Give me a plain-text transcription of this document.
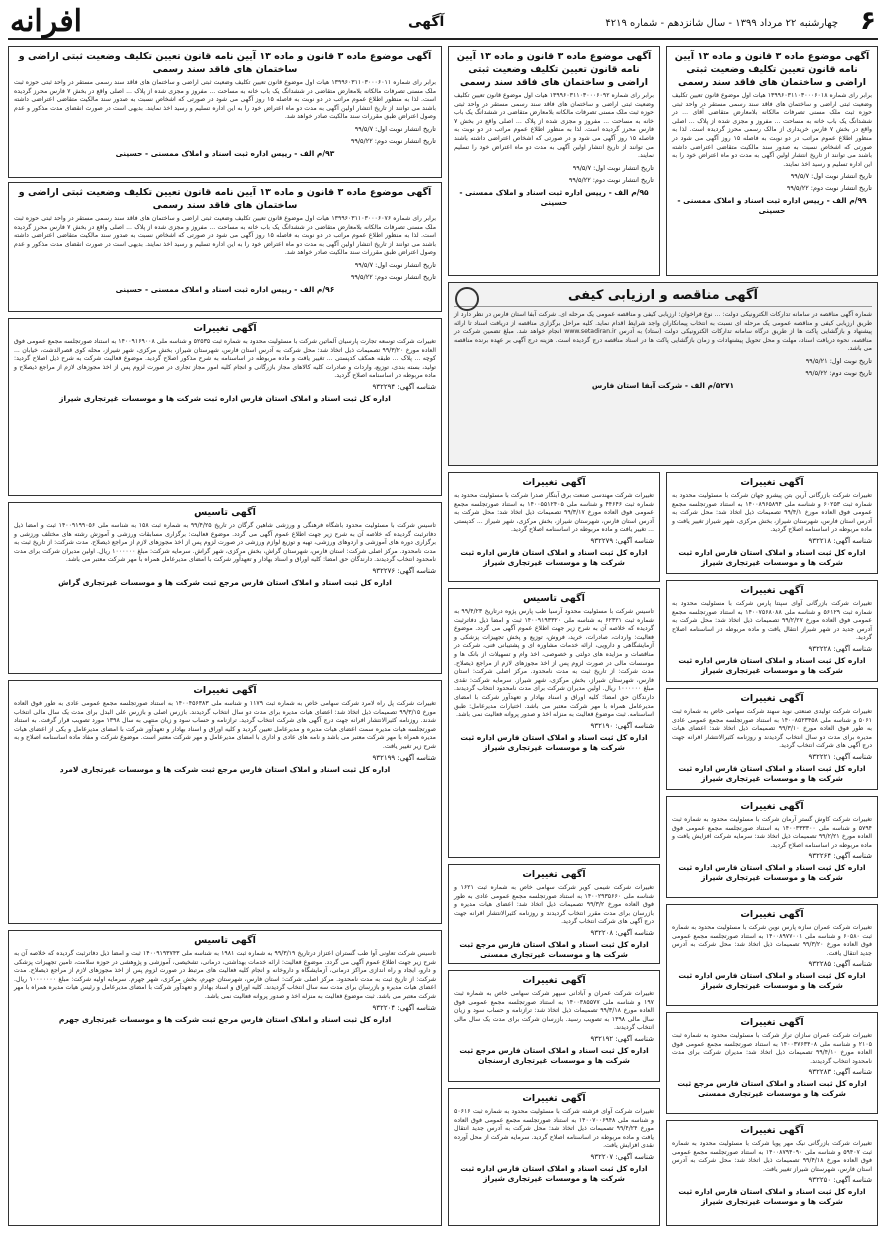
۶
چهارشنبه ۲۲ مرداد ۱۳۹۹ - سال شانزدهم - شماره ۴۲۱۹
آگهی
افرانه
آگهی موضوع ماده ۳ قانون و ماده ۱۳ آیین نامه قانون تعیین تکلیف وضعیت ثبتی اراضی و ساختمان های فاقد سند رسمی

برابر رای شماره ۱۳۹۹۶۰۳۱۱۰۳۰۰۰۶۰۱۸ هیات اول موضوع قانون تعیین تکلیف وضعیت ثبتی اراضی و ساختمان های فاقد سند رسمی مستقر در واحد ثبتی حوزه ثبت ملک مسنی تصرفات مالکانه بلامعارض متقاضی آقای ... در ششدانگ یک باب خانه به مساحت ... مفروز و مجزی شده از پلاک ... اصلی واقع در بخش ۷ فارس خریداری از مالک رسمی محرز گردیده است. لذا به منظور اطلاع عموم مراتب در دو نوبت به فاصله ۱۵ روز آگهی می شود در صورتی که اشخاص نسبت به صدور سند مالکیت متقاضی اعتراضی داشته باشند می توانند از تاریخ انتشار اولین آگهی به مدت دو ماه اعتراض خود را به این اداره تسلیم و رسید اخذ نمایند.

تاریخ انتشار نوبت اول: ۹۹/۵/۷
تاریخ انتشار نوبت دوم: ۹۹/۵/۲۲
۹۹/م الف - رییس اداره ثبت اسناد و املاک ممسنی - حسینی
آگهی موضوع ماده ۳ قانون و ماده ۱۳ آیین نامه قانون تعیین تکلیف وضعیت ثبتی اراضی و ساختمان های فاقد سند رسمی

برابر رای شماره ۱۳۹۹۶۰۳۱۱۰۳۰۰۰۶۰۹۲ هیات اول موضوع قانون تعیین تکلیف وضعیت ثبتی اراضی و ساختمان های فاقد سند رسمی مستقر در واحد ثبتی حوزه ثبت ملک مسنی تصرفات مالکانه بلامعارض متقاضی در ششدانگ یک باب خانه به مساحت ... مفروز و مجزی شده از پلاک ... اصلی واقع در بخش ۷ فارس محرز گردیده است. لذا به منظور اطلاع عموم مراتب در دو نوبت به فاصله ۱۵ روز آگهی می شود و در صورتی که اشخاص اعتراضی داشته باشند می توانند از تاریخ انتشار اولین آگهی به مدت دو ماه اعتراض خود را تسلیم نمایند.

تاریخ انتشار نوبت اول: ۹۹/۵/۷
تاریخ انتشار نوبت دوم: ۹۹/۵/۲۲
۹۵/م الف - رییس اداره ثبت اسناد و املاک ممسنی - حسینی
آگهی موضوع ماده ۳ قانون و ماده ۱۳ آیین نامه قانون تعیین تکلیف وضعیت ثبتی اراضی و ساختمان های فاقد سند رسمی

برابر رای شماره ۱۳۹۹۶۰۳۱۱۰۳۰۰۰۶۰۱۱ هیات اول موضوع قانون تعیین تکلیف وضعیت ثبتی اراضی و ساختمان های فاقد سند رسمی مستقر در واحد ثبتی حوزه ثبت ملک مسنی تصرفات مالکانه بلامعارض متقاضی در ششدانگ یک باب خانه به مساحت ... مفروز و مجزی شده از پلاک ... اصلی واقع در بخش ۷ فارس محرز گردیده است. لذا به منظور اطلاع عموم مراتب در دو نوبت به فاصله ۱۵ روز آگهی می شود در صورتی که اشخاص نسبت به صدور سند مالکیت متقاضی اعتراضی داشته باشند می توانند از تاریخ انتشار اولین آگهی به مدت دو ماه اعتراض خود را به این اداره تسلیم و رسید اخذ نمایند. بدیهی است در صورت انقضای مدت مذکور و عدم وصول اعتراض طبق مقررات سند مالکیت صادر خواهد شد.

تاریخ انتشار نوبت اول: ۹۹/۵/۷
تاریخ انتشار نوبت دوم: ۹۹/۵/۲۲
۹۳/م الف - رییس اداره ثبت اسناد و املاک ممسنی - حسینی
آگهی موضوع ماده ۳ قانون و ماده ۱۳ آیین نامه قانون تعیین تکلیف وضعیت ثبتی اراضی و ساختمان های فاقد سند رسمی

برابر رای شماره ۱۳۹۹۶۰۳۱۱۰۳۰۰۰۶۰۷۶ هیات اول موضوع قانون تعیین تکلیف وضعیت ثبتی اراضی و ساختمان های فاقد سند رسمی مستقر در واحد ثبتی حوزه ثبت ملک مسنی تصرفات مالکانه بلامعارض متقاضی در ششدانگ یک باب خانه به مساحت ... مفروز و مجزی شده از پلاک ... اصلی واقع در بخش ۷ فارس محرز گردیده است. لذا به منظور اطلاع عموم مراتب در دو نوبت به فاصله ۱۵ روز آگهی می شود در صورتی که اشخاص نسبت به صدور سند مالکیت متقاضی اعتراضی داشته باشند می توانند از تاریخ انتشار اولین آگهی به مدت دو ماه اعتراض خود را به این اداره تسلیم و رسید اخذ نمایند. بدیهی است در صورت انقضای مدت مذکور و عدم وصول اعتراض طبق مقررات سند مالکیت صادر خواهد شد.

تاریخ انتشار نوبت اول: ۹۹/۵/۷
تاریخ انتشار نوبت دوم: ۹۹/۵/۲۲
۹۶/م الف - رییس اداره ثبت اسناد و املاک ممسنی - حسینی	آگهی مناقصه و ارزیابی کیفی

شماره آگهی مناقصه در سامانه تدارکات الکترونیکی دولت: ... نوع فراخوان: ارزیابی کیفی و مناقصه عمومی یک مرحله ای. شرکت آبفا استان فارس در نظر دارد از طریق ارزیابی کیفی و مناقصه عمومی یک مرحله ای نسبت به انتخاب پیمانکاران واجد شرایط اقدام نماید. کلیه مراحل برگزاری مناقصه از دریافت اسناد تا ارائه پیشنهاد و بازگشایی پاکت ها از طریق درگاه سامانه تدارکات الکترونیکی دولت (ستاد) به آدرس www.setadiran.ir انجام خواهد شد. مبلغ تضمین شرکت در مناقصه، نحوه دریافت اسناد، مهلت و محل تحویل پیشنهادات و زمان بازگشایی پاکت ها در اسناد مناقصه درج گردیده است. هزینه درج آگهی بر عهده برنده مناقصه می باشد.

تاریخ نوبت اول: ۹۹/۵/۲۱
تاریخ نوبت دوم: ۹۹/۵/۲۲
۵۲۷۱/م الف - شرکت آبفا استان فارس
آگهی تغییرات

تغییرات شرکت توسعه تجارت پارسیان آلماتین شرکت با مسئولیت محدود به شماره ثبت ۵۲۵۳۵ و شناسه ملی ۱۴۰۰۹۱۶۹۰۰۸ به استناد صورتجلسه مجمع عمومی فوق العاده مورخ ۹۹/۳/۲۰ تصمیمات ذیل اتخاذ شد: محل شرکت به آدرس استان فارس، شهرستان شیراز، بخش مرکزی، شهر شیراز، محله کوی قصرالدشت، خیابان ... کوچه ... پلاک ... طبقه همکف کدپستی ... تغییر یافت و ماده مربوطه در اساسنامه به شرح مذکور اصلاح گردید. موضوع فعالیت شرکت به شرح ذیل اصلاح گردید: تولید، بسته بندی، توزیع، واردات و صادرات کلیه کالاهای مجاز بازرگانی و انجام کلیه امور مجاز تجاری در صورت لزوم پس از اخذ مجوزهای لازم از مراجع ذیصلاح و ماده مربوطه در اساسنامه اصلاح گردید.

شناسه آگهی: ۹۳۲۲۹۴
اداره کل ثبت اسناد و املاک استان فارس اداره ثبت شرکت ها و موسسات غیرتجاری شیراز
آگهی تاسیس

تاسیس شرکت با مسئولیت محدود باشگاه فرهنگی و ورزشی شاهین گرگان در تاریخ ۹۹/۴/۲۵ به شماره ثبت ۱۵۸ به شناسه ملی ۱۴۰۰۹۱۹۹۰۵۶ ثبت و امضا ذیل دفاترثبت گردیده که خلاصه آن به شرح زیر جهت اطلاع عموم آگهی می گردد. موضوع فعالیت: برگزاری مسابقات ورزشی و آموزش رشته های مختلف ورزشی و برگزاری دوره های آموزشی و اردوهای ورزشی، تهیه و توزیع لوازم ورزشی در صورت لزوم پس از اخذ مجوزهای لازم از مراجع ذیصلاح. مدت شرکت: از تاریخ ثبت به مدت نامحدود. مرکز اصلی شرکت: استان فارس، شهرستان گراش، بخش مرکزی، شهر گراش. سرمایه شرکت: مبلغ ۱۰۰۰۰۰۰ ریال. اولین مدیران شرکت برای مدت نامحدود انتخاب گردیدند. دارندگان حق امضا: کلیه اوراق و اسناد بهادار و تعهدآور شرکت با امضای مدیرعامل همراه با مهر شرکت معتبر می باشد.

شناسه آگهی: ۹۳۲۲۷۶
اداره کل ثبت اسناد و املاک استان فارس مرجع ثبت شرکت ها و موسسات غیرتجاری گراش
آگهی تغییرات

تغییرات شرکت پل راه لامرد شرکت سهامی خاص به شماره ثبت ۱۱۷۹ و شناسه ملی ۱۴۰۰۴۵۶۳۸۳ به استناد صورتجلسه مجمع عمومی عادی به طور فوق العاده مورخ ۹۹/۳/۱۵ تصمیمات ذیل اتخاذ شد: اعضای هیات مدیره برای مدت دو سال انتخاب گردیدند. بازرس اصلی و بازرس علی البدل برای مدت یک سال مالی انتخاب شدند. روزنامه کثیرالانتشار افرانه جهت درج آگهی های شرکت انتخاب گردید. ترازنامه و حساب سود و زیان منتهی به سال ۱۳۹۸ مورد تصویب قرار گرفت. به استناد صورتجلسه هیات مدیره سمت اعضای هیات مدیره و مدیرعامل تعیین گردید و کلیه اوراق و اسناد بهادار و تعهدآور شرکت با امضای مدیرعامل و یکی از اعضای هیات مدیره همراه با مهر شرکت معتبر می باشد و نامه های عادی و اداری با امضای مدیرعامل و مهر شرکت معتبر است. موضوع شرکت و مفاد ماده اساسنامه اصلاح و به شرح زیر تغییر یافت.

شناسه آگهی: ۹۳۲۱۹۹
اداره کل ثبت اسناد و املاک استان فارس مرجع ثبت شرکت ها و موسسات غیرتجاری لامرد
آگهی تاسیس

تاسیس شرکت تعاونی آوا طب گستران اعتزاز درتاریخ ۹۹/۳/۱۹ به شماره ثبت ۱۹۸۱ به شناسه ملی ۱۴۰۰۹۱۹۳۷۴۳ ثبت و امضا ذیل دفاترثبت گردیده که خلاصه آن به شرح زیر جهت اطلاع عموم آگهی می گردد. موضوع فعالیت: ارائه خدمات بهداشتی، درمانی، تشخیصی، آموزشی و پژوهشی در حوزه سلامت، تامین تجهیزات پزشکی و دارو، ایجاد و راه اندازی مراکز درمانی، آزمایشگاه و داروخانه و انجام کلیه فعالیت های مرتبط در صورت لزوم پس از اخذ مجوزهای لازم از مراجع ذیصلاح. مدت شرکت: از تاریخ ثبت به مدت نامحدود. مرکز اصلی شرکت: استان فارس، شهرستان جهرم، بخش مرکزی، شهر جهرم. سرمایه اولیه شرکت: مبلغ ۱۰۰۰۰۰۰۰ ریال. اعضای هیات مدیره و بازرسان برای مدت سه سال انتخاب گردیدند. کلیه اوراق و اسناد بهادار و تعهدآور شرکت با امضای مدیرعامل و رئیس هیات مدیره همراه با مهر شرکت معتبر می باشد. ثبت موضوع فعالیت به منزله اخذ و صدور پروانه فعالیت نمی باشد.

شناسه آگهی: ۹۳۲۲۰۴
اداره کل ثبت اسناد و املاک استان فارس مرجع ثبت شرکت ها و موسسات غیرتجاری جهرم
آگهی تغییرات

تغییرات شرکت مهندسی صنعت برق آبنگار صدرا شرکت با مسئولیت محدود به شماره ثبت ۴۴۶۴۶ و شناسه ملی ۱۴۰۰۵۵۱۲۴۰۵ به استناد صورتجلسه مجمع عمومی فوق العاده مورخ ۹۹/۳/۱۷ تصمیمات ذیل اتخاذ شد: محل شرکت به آدرس استان فارس، شهرستان شیراز، بخش مرکزی، شهر شیراز ... کدپستی ... تغییر یافت و ماده مربوطه در اساسنامه اصلاح گردید.

شناسه آگهی: ۹۳۲۲۷۹
اداره کل ثبت اسناد و املاک استان فارس اداره ثبت شرکت ها و موسسات غیرتجاری شیراز
آگهی تاسیس

تاسیس شرکت با مسئولیت محدود آرسیا طب پارس پژوه درتاریخ ۹۹/۴/۲۳ به شماره ثبت ۶۲۳۲۱ به شناسه ملی ۱۴۰۰۹۱۹۳۳۲۰ ثبت و امضا ذیل دفاترثبت گردیده که خلاصه آن به شرح زیر جهت اطلاع عموم آگهی می گردد. موضوع فعالیت: واردات، صادرات، خرید، فروش، توزیع و پخش تجهیزات پزشکی و آزمایشگاهی و دارویی، ارائه خدمات مشاوره ای و پشتیبانی فنی، شرکت در مناقصات و مزایده های دولتی و خصوصی، اخذ وام و تسهیلات از بانک ها و موسسات مالی در صورت لزوم پس از اخذ مجوزهای لازم از مراجع ذیصلاح. مدت شرکت: از تاریخ ثبت به مدت نامحدود. مرکز اصلی شرکت: استان فارس، شهرستان شیراز، بخش مرکزی، شهر شیراز. سرمایه شرکت: نقدی مبلغ ۱۰۰۰۰۰۰ ریال. اولین مدیران شرکت برای مدت نامحدود انتخاب گردیدند. دارندگان حق امضا: کلیه اوراق و اسناد بهادار و تعهدآور شرکت با امضای مدیرعامل همراه با مهر شرکت معتبر می باشد. اختیارات مدیرعامل: طبق اساسنامه. ثبت موضوع فعالیت به منزله اخذ و صدور پروانه فعالیت نمی باشد.

شناسه آگهی: ۹۳۲۱۹۰
اداره کل ثبت اسناد و املاک استان فارس اداره ثبت شرکت ها و موسسات غیرتجاری شیراز
آگهی تغییرات

تغییرات شرکت شیمی کویر شرکت سهامی خاص به شماره ثبت ۱۶۲۱ و شناسه ملی ۱۴۰۰۲۹۳۵۶۶۰ به استناد صورتجلسه مجمع عمومی عادی به طور فوق العاده مورخ ۹۹/۳/۲ تصمیمات ذیل اتخاذ شد: اعضای هیات مدیره و بازرسان برای مدت مقرر انتخاب گردیدند و روزنامه کثیرالانتشار افرانه جهت درج آگهی های شرکت انتخاب گردید.

شناسه آگهی: ۹۳۲۲۰۸
اداره کل ثبت اسناد و املاک استان فارس مرجع ثبت شرکت ها و موسسات غیرتجاری ممسنی
آگهی تغییرات

تغییرات شرکت عمران و آبادانی سپهر شرکت سهامی خاص به شماره ثبت ۱۹۷ و شناسه ملی ۱۴۰۰۳۸۵۵۷۷ به استناد صورتجلسه مجمع عمومی فوق العاده مورخ ۹۹/۳/۱۸ تصمیمات ذیل اتخاذ شد: ترازنامه و حساب سود و زیان سال مالی ۱۳۹۸ به تصویب رسید. بازرسان شرکت برای مدت یک سال مالی انتخاب گردیدند.

شناسه آگهی: ۹۳۲۱۹۲
اداره کل ثبت اسناد و املاک استان فارس مرجع ثبت شرکت ها و موسسات غیرتجاری ارسنجان
آگهی تغییرات

تغییرات شرکت آوای فرشته شرکت با مسئولیت محدود به شماره ثبت ۵۰۶۱۶ و شناسه ملی ۱۴۰۰۷۰۰۶۹۴۸ به استناد صورتجلسه مجمع عمومی فوق العاده مورخ ۹۹/۴/۲۴ تصمیمات ذیل اتخاذ شد: محل شرکت به آدرس جدید انتقال یافت و ماده مربوطه در اساسنامه اصلاح گردید. سرمایه شرکت از محل آورده نقدی افزایش یافت.

شناسه آگهی: ۹۳۲۲۰۷
اداره کل ثبت اسناد و املاک استان فارس اداره ثبت شرکت ها و موسسات غیرتجاری شیراز
آگهی تغییرات

تغییرات شرکت بازرگانی آرین بتن پیشرو جهان شرکت با مسئولیت محدود به شماره ثبت ۶۰۲۵۳ و شناسه ملی ۱۴۰۰۸۹۶۵۸۹۴ به استناد صورتجلسه مجمع عمومی فوق العاده مورخ ۹۹/۴/۱ تصمیمات ذیل اتخاذ شد: محل شرکت به آدرس استان فارس، شهرستان شیراز، بخش مرکزی، شهر شیراز تغییر یافت و ماده مربوطه در اساسنامه اصلاح گردید.

شناسه آگهی: ۹۳۲۲۱۸
اداره کل ثبت اسناد و املاک استان فارس اداره ثبت شرکت ها و موسسات غیرتجاری شیراز
آگهی تغییرات

تغییرات شرکت بازرگانی آوای سپنتا پارس شرکت با مسئولیت محدود به شماره ثبت ۵۶۱۲۹ و شناسه ملی ۱۴۰۰۷۵۶۸۰۸۸ به استناد صورتجلسه مجمع عمومی فوق العاده مورخ ۹۹/۲/۲۷ تصمیمات ذیل اتخاذ شد: محل شرکت به آدرس جدید در شهر شیراز انتقال یافت و ماده مربوطه در اساسنامه اصلاح گردید.

شناسه آگهی: ۹۳۲۲۲۸
اداره کل ثبت اسناد و املاک استان فارس اداره ثبت شرکت ها و موسسات غیرتجاری شیراز
آگهی تغییرات

تغییرات شرکت تولیدی صنعتی نوید سهند شرکت سهامی خاص به شماره ثبت ۵۰۶۱ و شناسه ملی ۱۴۰۰۸۵۲۳۴۵۸ به استناد صورتجلسه مجمع عمومی عادی به طور فوق العاده مورخ ۹۹/۳/۱۰ تصمیمات ذیل اتخاذ شد: اعضای هیات مدیره برای مدت دو سال انتخاب گردیدند و روزنامه کثیرالانتشار افرانه جهت درج آگهی های شرکت انتخاب گردید.

شناسه آگهی: ۹۳۲۲۲۱
اداره کل ثبت اسناد و املاک استان فارس اداره ثبت شرکت ها و موسسات غیرتجاری شیراز
آگهی تغییرات

تغییرات شرکت کاوش گستر آرمان شرکت با مسئولیت محدود به شماره ثبت ۵۷۹۴ و شناسه ملی ۱۴۰۰۳۳۳۳۰۰ به استناد صورتجلسه مجمع عمومی فوق العاده مورخ ۹۹/۲/۲۱ تصمیمات ذیل اتخاذ شد: سرمایه شرکت افزایش یافت و ماده مربوطه در اساسنامه اصلاح گردید.

شناسه آگهی: ۹۳۲۲۶۴
اداره کل ثبت اسناد و املاک استان فارس اداره ثبت شرکت ها و موسسات غیرتجاری شیراز
آگهی تغییرات

تغییرات شرکت عمران سازه پارس نوین شرکت با مسئولیت محدود به شماره ثبت ۶۰۵۸۰ و شناسه ملی ۱۴۰۰۸۹۷۷۰۰۱ به استناد صورتجلسه مجمع عمومی فوق العاده مورخ ۹۹/۳/۲۰ تصمیمات ذیل اتخاذ شد: محل شرکت به آدرس جدید انتقال یافت.

شناسه آگهی: ۹۳۲۲۸۵
اداره کل ثبت اسناد و املاک استان فارس اداره ثبت شرکت ها و موسسات غیرتجاری شیراز
آگهی تغییرات

تغییرات شرکت عمران سازان تراز شرکت با مسئولیت محدود به شماره ثبت ۲۱۰۵ و شناسه ملی ۱۴۰۰۳۷۶۳۴۰۸ به استناد صورتجلسه مجمع عمومی فوق العاده مورخ ۹۹/۴/۱۰ تصمیمات ذیل اتخاذ شد: مدیران شرکت برای مدت نامحدود انتخاب گردیدند.

شناسه آگهی: ۹۳۲۲۸۳
اداره کل ثبت اسناد و املاک استان فارس مرجع ثبت شرکت ها و موسسات غیرتجاری ممسنی
آگهی تغییرات

تغییرات شرکت بازرگانی نیک مهر پویا شرکت با مسئولیت محدود به شماره ثبت ۵۹۴۰۷ و شناسه ملی ۱۴۰۰۸۷۹۴۰۹۰ به استناد صورتجلسه مجمع عمومی فوق العاده مورخ ۹۹/۴/۱۸ تصمیمات ذیل اتخاذ شد: محل شرکت به آدرس استان فارس، شهرستان شیراز تغییر یافت.

شناسه آگهی: ۹۳۲۲۵۰
اداره کل ثبت اسناد و املاک استان فارس اداره ثبت شرکت ها و موسسات غیرتجاری شیراز
